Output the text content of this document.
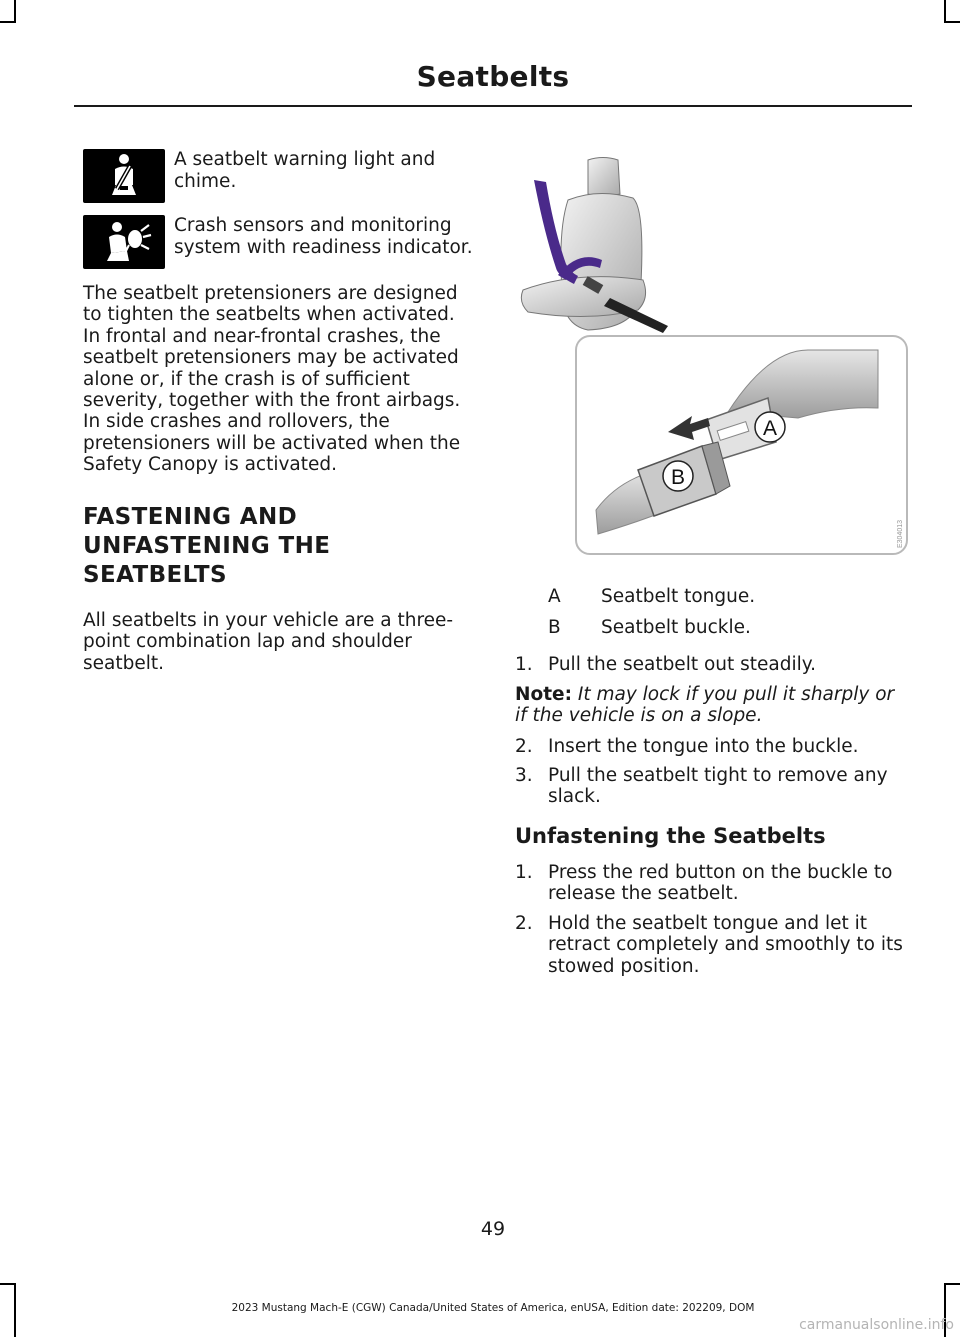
Seatbelts
A seatbelt warning light and chime.
Crash sensors and monitoring system with readiness indicator.
The seatbelt pretensioners are designed to tighten the seatbelts when activated. In frontal and near-frontal crashes, the seatbelt pretensioners may be activated alone or, if the crash is of sufficient severity, together with the front airbags. In side crashes and rollovers, the pretensioners will be activated when the Safety Canopy is activated.
FASTENING AND
UNFASTENING THE
SEATBELTS
All seatbelts in your vehicle are a three-point combination lap and shoulder seatbelt.
A
B
E304013
A Seatbelt tongue.
B Seatbelt buckle.
1. Pull the seatbelt out steadily.
Note: It may lock if you pull it sharply or if the vehicle is on a slope.
2. Insert the tongue into the buckle.
3. Pull the seatbelt tight to remove any slack.
Unfastening the Seatbelts
1. Press the red button on the buckle to release the seatbelt.
2. Hold the seatbelt tongue and let it retract completely and smoothly to its stowed position.
49
2023 Mustang Mach-E (CGW) Canada/United States of America, enUSA, Edition date: 202209, DOM
carmanualsonline.info
